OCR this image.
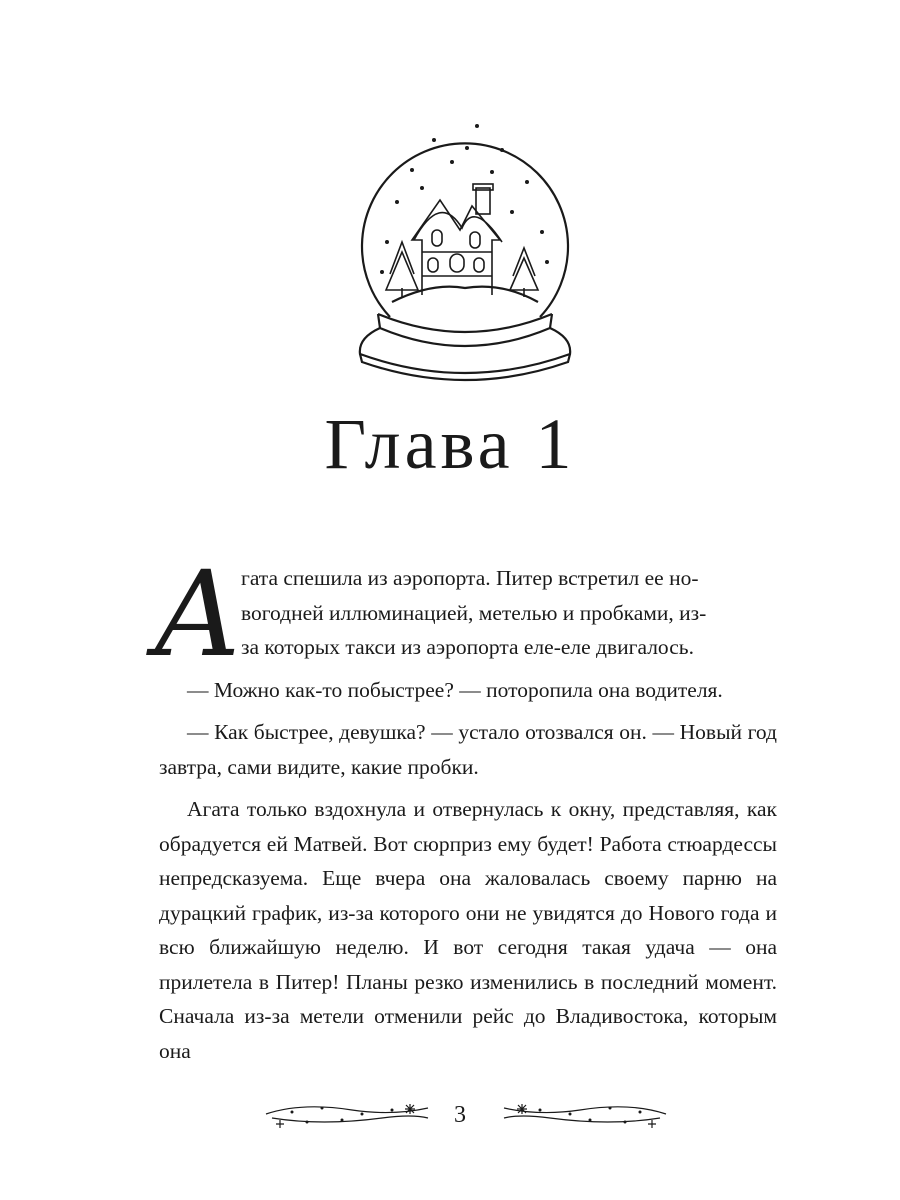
Глава 1

А
гата спешила из аэропорта. Питер встретил ее но-
вогодней иллюминацией, метелью и пробками, из-
за которых такси из аэропорта еле-еле двигалось.

— Можно как-то побыстрее? — поторопила она водителя.

— Как быстрее, девушка? — устало отозвался он. — Новый год завтра, сами видите, какие пробки.

Агата только вздохнула и отвернулась к окну, представляя, как обрадуется ей Матвей. Вот сюрприз ему будет! Работа стюардессы непредсказуема. Еще вчера она жаловалась своему парню на дурацкий график, из-за которого они не увидятся до Нового года и всю ближайшую неделю. И вот сегодня такая удача — она прилетела в Питер! Планы резко изменились в последний момент. Сначала из-за метели отменили рейс до Владивостока, которым она

3
